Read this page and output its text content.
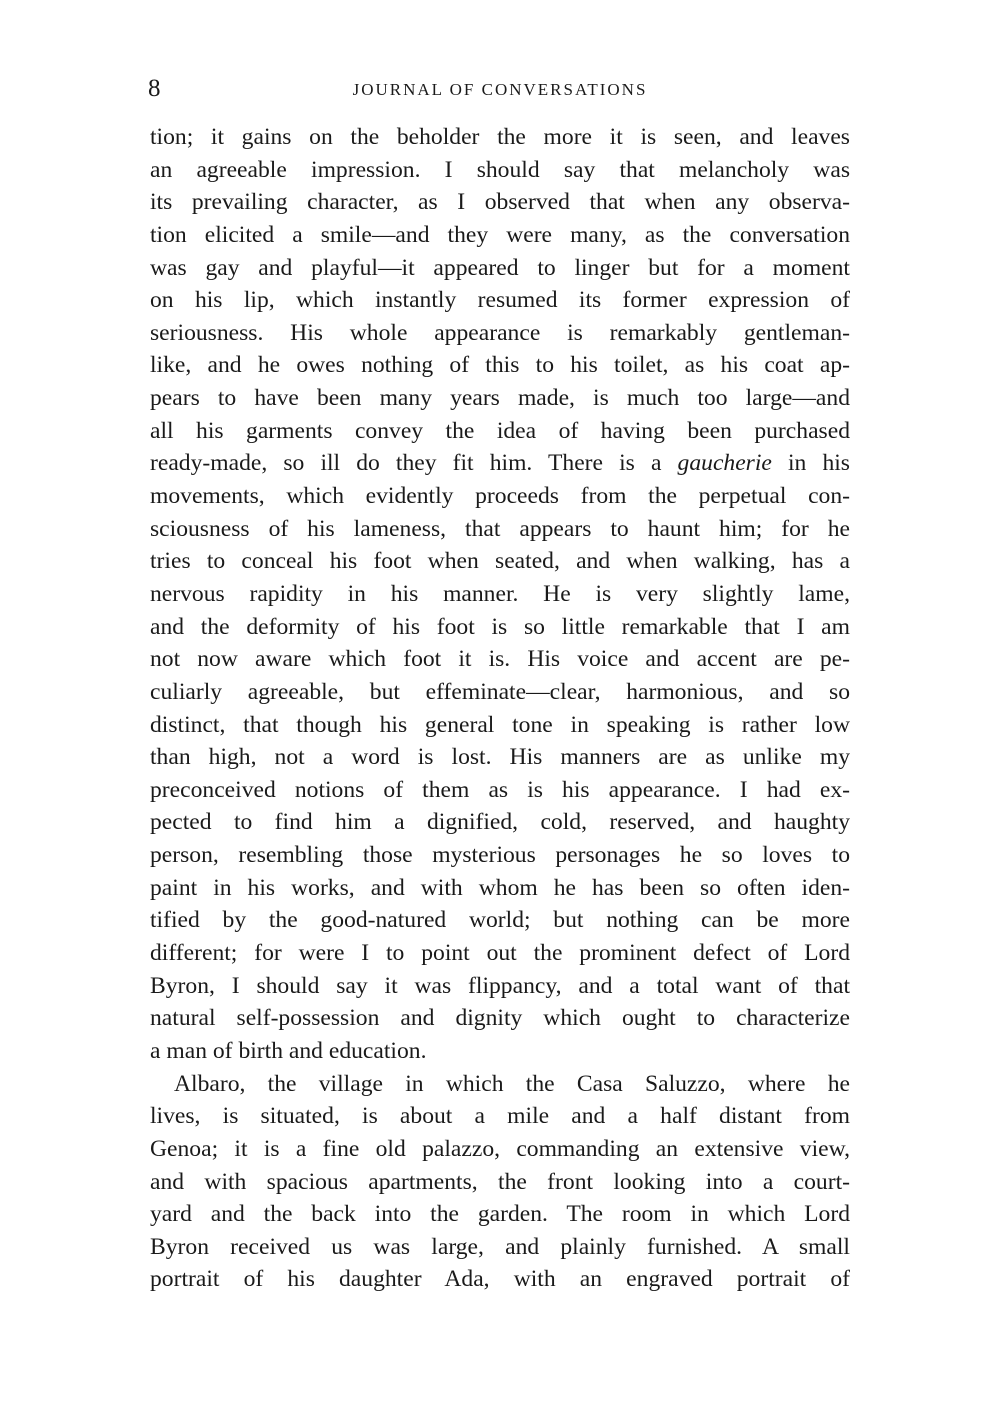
8	JOURNAL OF CONVERSATIONS
tion; it gains on the beholder the more it is seen, and leaves
an agreeable impression. I should say that melancholy was
its prevailing character, as I observed that when any observa-
tion elicited a smile—and they were many, as the conversation
was gay and playful—it appeared to linger but for a moment
on his lip, which instantly resumed its former expression of
seriousness. His whole appearance is remarkably gentleman-
like, and he owes nothing of this to his toilet, as his coat ap-
pears to have been many years made, is much too large—and
all his garments convey the idea of having been purchased
ready-made, so ill do they fit him. There is a gaucherie in his
movements, which evidently proceeds from the perpetual con-
sciousness of his lameness, that appears to haunt him; for he
tries to conceal his foot when seated, and when walking, has a
nervous rapidity in his manner. He is very slightly lame,
and the deformity of his foot is so little remarkable that I am
not now aware which foot it is. His voice and accent are pe-
culiarly agreeable, but effeminate—clear, harmonious, and so
distinct, that though his general tone in speaking is rather low
than high, not a word is lost. His manners are as unlike my
preconceived notions of them as is his appearance. I had ex-
pected to find him a dignified, cold, reserved, and haughty
person, resembling those mysterious personages he so loves to
paint in his works, and with whom he has been so often iden-
tified by the good-natured world; but nothing can be more
different; for were I to point out the prominent defect of Lord
Byron, I should say it was flippancy, and a total want of that
natural self-possession and dignity which ought to characterize
a man of birth and education.
Albaro, the village in which the Casa Saluzzo, where he
lives, is situated, is about a mile and a half distant from
Genoa; it is a fine old palazzo, commanding an extensive view,
and with spacious apartments, the front looking into a court-
yard and the back into the garden. The room in which Lord
Byron received us was large, and plainly furnished. A small
portrait of his daughter Ada, with an engraved portrait of
